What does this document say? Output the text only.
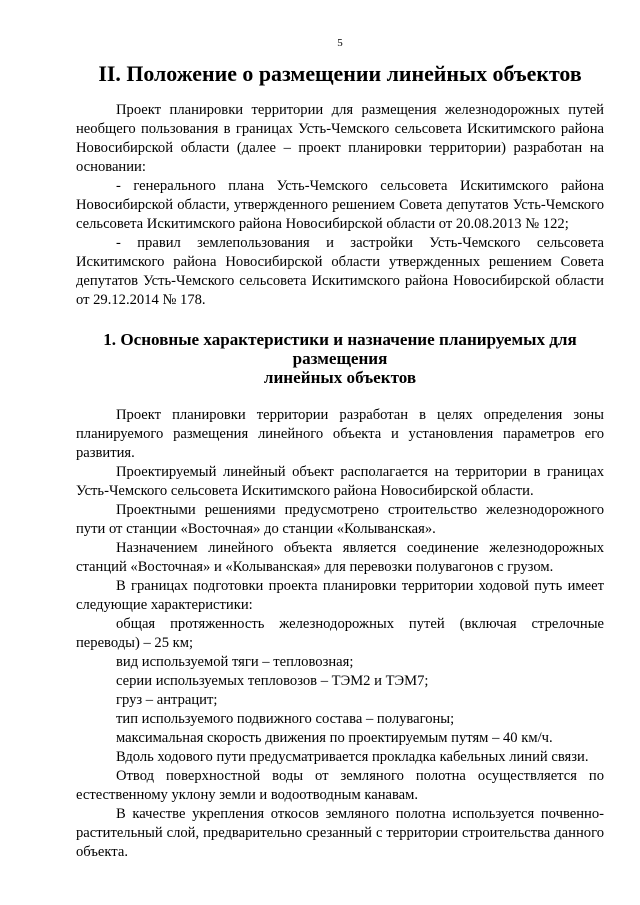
5
II. Положение о размещении линейных объектов

Проект планировки территории для размещения железнодорожных путей необщего пользования в границах Усть-Чемского сельсовета Искитимского района Новосибирской области (далее – проект планировки территории) разработан на основании:

- генерального плана Усть-Чемского сельсовета Искитимского района Новосибирской области, утвержденного решением Совета депутатов Усть-Чемского сельсовета Искитимского района Новосибирской области от 20.08.2013 № 122;

- правил землепользования и застройки Усть-Чемского сельсовета Искитимского района Новосибирской области утвержденных решением Совета депутатов Усть-Чемского сельсовета Искитимского района Новосибирской области от 29.12.2014 № 178.

1. Основные характеристики и назначение планируемых для размещения
линейных объектов

Проект планировки территории разработан в целях определения зоны планируемого размещения линейного объекта и установления параметров его развития.

Проектируемый линейный объект располагается на территории в границах Усть-Чемского сельсовета Искитимского района Новосибирской области.

Проектными решениями предусмотрено строительство железнодорожного пути от станции «Восточная» до станции «Колыванская».

Назначением линейного объекта является соединение железнодорожных станций «Восточная» и «Колыванская» для перевозки полувагонов с грузом.

В границах подготовки проекта планировки территории ходовой путь имеет следующие характеристики:

общая протяженность железнодорожных путей (включая стрелочные переводы) – 25 км;

вид используемой тяги – тепловозная;

серии используемых тепловозов – ТЭМ2 и ТЭМ7;

груз – антрацит;

тип используемого подвижного состава – полувагоны;

максимальная скорость движения по проектируемым путям – 40 км/ч.

Вдоль ходового пути предусматривается прокладка кабельных линий связи.

Отвод поверхностной воды от земляного полотна осуществляется по естественному уклону земли и водоотводным канавам.

В качестве укрепления откосов земляного полотна используется почвенно-растительный слой, предварительно срезанный с территории строительства данного объекта.
